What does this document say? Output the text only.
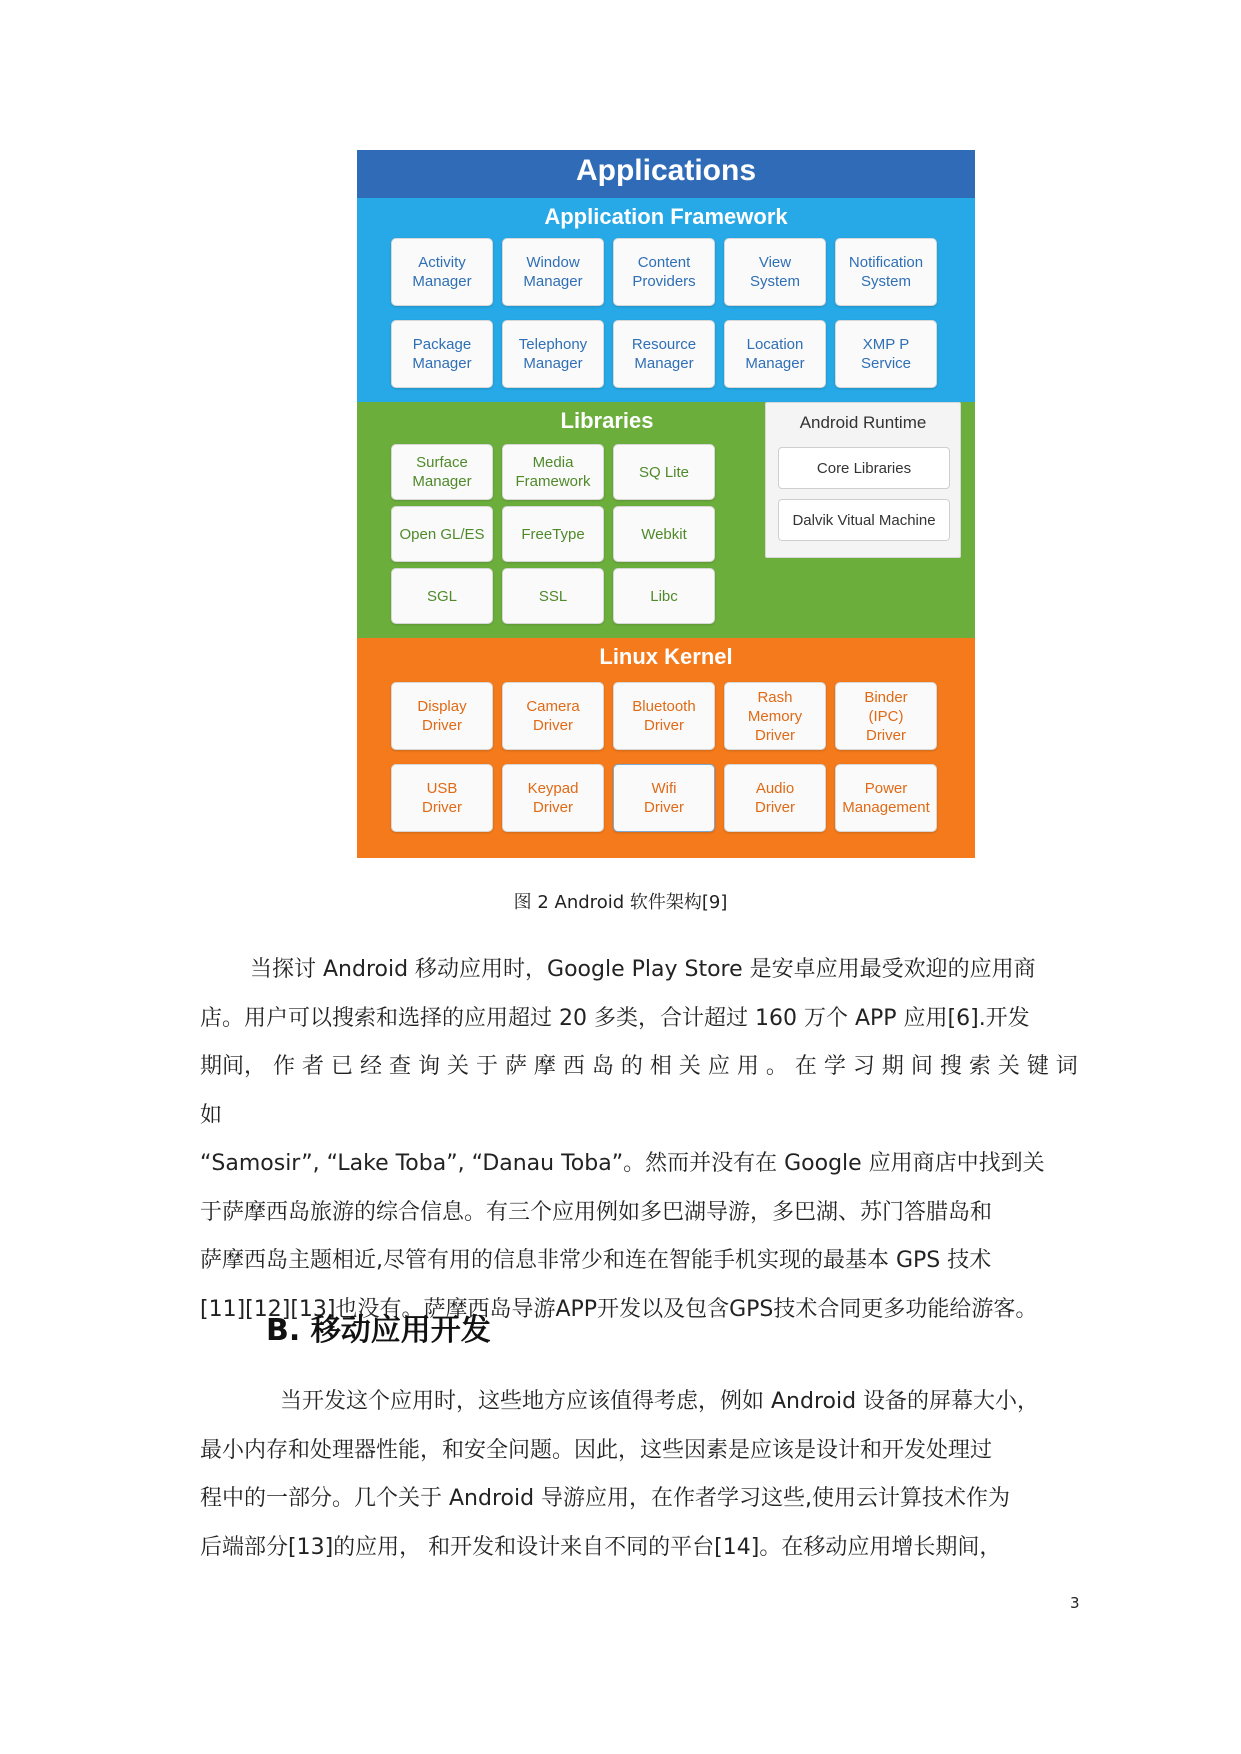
Applications
Application Framework
Libraries
Linux Kernel
Activity
Manager
Window
Manager
Content
Providers
View
System
Notification
System
Package
Manager
Telephony
Manager
Resource
Manager
Location
Manager
XMP P
Service
Surface
Manager
Media
Framework
SQ Lite
Open GL/ES	FreeType	Webkit
SGL	SSL	Libc
Android Runtime
Core Libraries
Dalvik Vitual Machine
Display
Driver
Camera
Driver
Bluetooth
Driver
Rash
Memory
Driver
Binder
(IPC)
Driver
USB
Driver
Keypad
Driver
Wifi
Driver
Audio
Driver
Power
Management
图 2 Android 软件架构[9]
当探讨 Android 移动应用时，Google Play Store 是安卓应用最受欢迎的应用商
店。用户可以搜索和选择的应用超过 20 多类，合计超过 160 万个 APP 应用[6].开发
期间， 作 者 已 经 查 询 关 于 萨 摩 西 岛 的 相 关 应 用 。 在 学 习 期 间 搜 索 关 键 词 如
“Samosir”, “Lake Toba”, “Danau Toba”。然而并没有在 Google 应用商店中找到关
于萨摩西岛旅游的综合信息。有三个应用例如多巴湖导游，多巴湖、苏门答腊岛和
萨摩西岛主题相近,尽管有用的信息非常少和连在智能手机实现的最基本 GPS 技术
[11][12][13]也没有。萨摩西岛导游APP开发以及包含GPS技术合同更多功能给游客。
B. 移动应用开发
当开发这个应用时，这些地方应该值得考虑，例如 Android 设备的屏幕大小，
最小内存和处理器性能，和安全问题。因此，这些因素是应该是设计和开发处理过
程中的一部分。几个关于 Android 导游应用，在作者学习这些,使用云计算技术作为
后端部分[13]的应用， 和开发和设计来自不同的平台[14]。在移动应用增长期间，
3
